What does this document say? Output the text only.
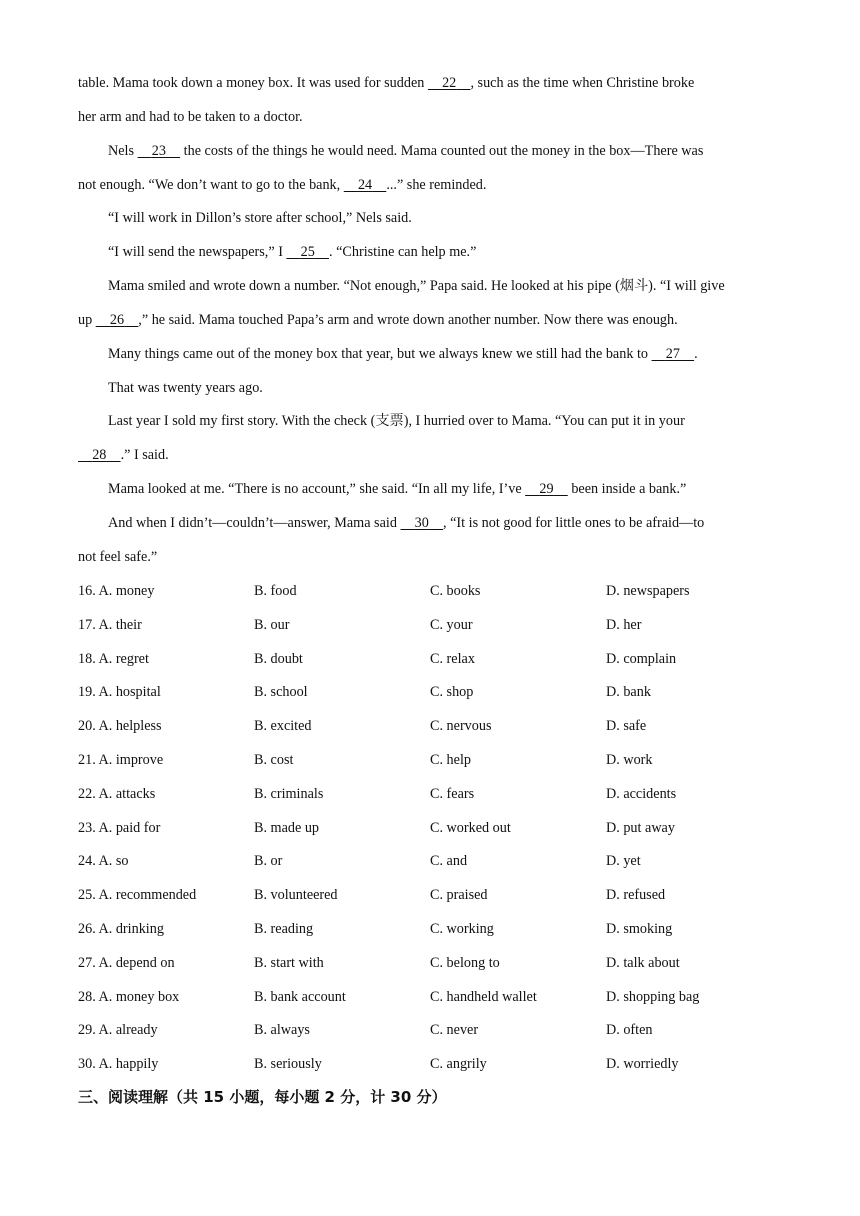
table. Mama took down a money box. It was used for sudden     22 , such as the time when Christine broke
her arm and had to be taken to a doctor.
Nels     23     the costs of the things he would need. Mama counted out the money in the box—There was
not enough. “We don’t want to go to the bank,     24 ...” she reminded.
“I will work in Dillon’s store after school,” Nels said.
“I will send the newspapers,” I     25 . “Christine can help me.”
Mama smiled and wrote down a number. “Not enough,” Papa said. He looked at his pipe (烟斗). “I will give
up     26 ,” he said. Mama touched Papa’s arm and wrote down another number. Now there was enough.
Many things came out of the money box that year, but we always knew we still had the bank to     27 .
That was twenty years ago.
Last year I sold my first story. With the check (支票), I hurried over to Mama. “You can put it in your
28 .” I said.
Mama looked at me. “There is no account,” she said. “In all my life, I’ve     29     been inside a bank.”
And when I didn’t—couldn’t—answer, Mama said     30 , “It is not good for little ones to be afraid—to
not feel safe.”
16. A. money	B. food	C. books	D. newspapers
17. A. their	B. our	C. your	D. her
18. A. regret	B. doubt	C. relax	D. complain
19. A. hospital	B. school	C. shop	D. bank
20. A. helpless	B. excited	C. nervous	D. safe
21. A. improve	B. cost	C. help	D. work
22. A. attacks	B. criminals	C. fears	D. accidents
23. A. paid for	B. made up	C. worked out	D. put away
24. A. so	B. or	C. and	D. yet
25. A. recommended	B. volunteered	C. praised	D. refused
26. A. drinking	B. reading	C. working	D. smoking
27. A. depend on	B. start with	C. belong to	D. talk about
28. A. money box	B. bank account	C. handheld wallet	D. shopping bag
29. A. already	B. always	C. never	D. often
30. A. happily	B. seriously	C. angrily	D. worriedly
三、阅读理解（共 15 小题，每小题 2 分，计 30 分）
